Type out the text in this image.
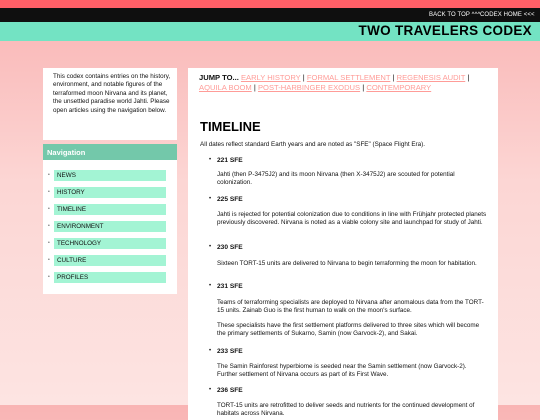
BACK TO TOP ^^^ CODEX HOME <<<
TWO TRAVELERS CODEX
This codex contains entries on the history, environment, and notable figures of the terraformed moon Nirvana and its planet, the unsettled paradise world Jahti. Please open articles using the navigation below.
Navigation
• NEWS
• HISTORY
• TIMELINE
• ENVIRONMENT
• TECHNOLOGY
• CULTURE
• PROFILES
JUMP TO... EARLY HISTORY | FORMAL SETTLEMENT | REGENESIS AUDIT | AQUILA BOOM | POST-HARBINGER EXODUS | CONTEMPORARY
TIMELINE
All dates reflect standard Earth years and are noted as "SFE" (Space Flight Era).
• 221 SFE
Jahti (then P-3475J2) and its moon Nirvana (then X-3475J2) are scouted for potential colonization.
• 225 SFE
Jahti is rejected for potential colonization due to conditions in line with Frühjahr protected planets previously discovered. Nirvana is noted as a viable colony site and launchpad for study of Jahti.
• 230 SFE
Sixteen TORT-15 units are delivered to Nirvana to begin terraforming the moon for habitation.
• 231 SFE
Teams of terraforming specialists are deployed to Nirvana after anomalous data from the TORT-15 units. Zainab Guo is the first human to walk on the moon's surface.
These specialists have the first settlement platforms delivered to three sites which will become the primary settlements of Sukarno, Samin (now Garvock-2), and Sakai.
• 233 SFE
The Samin Rainforest hyperbiome is seeded near the Samin settlement (now Garvock-2). Further settlement of Nirvana occurs as part of its First Wave.
• 236 SFE
TORT-15 units are retrofitted to deliver seeds and nutrients for the continued development of habitats across Nirvana.
